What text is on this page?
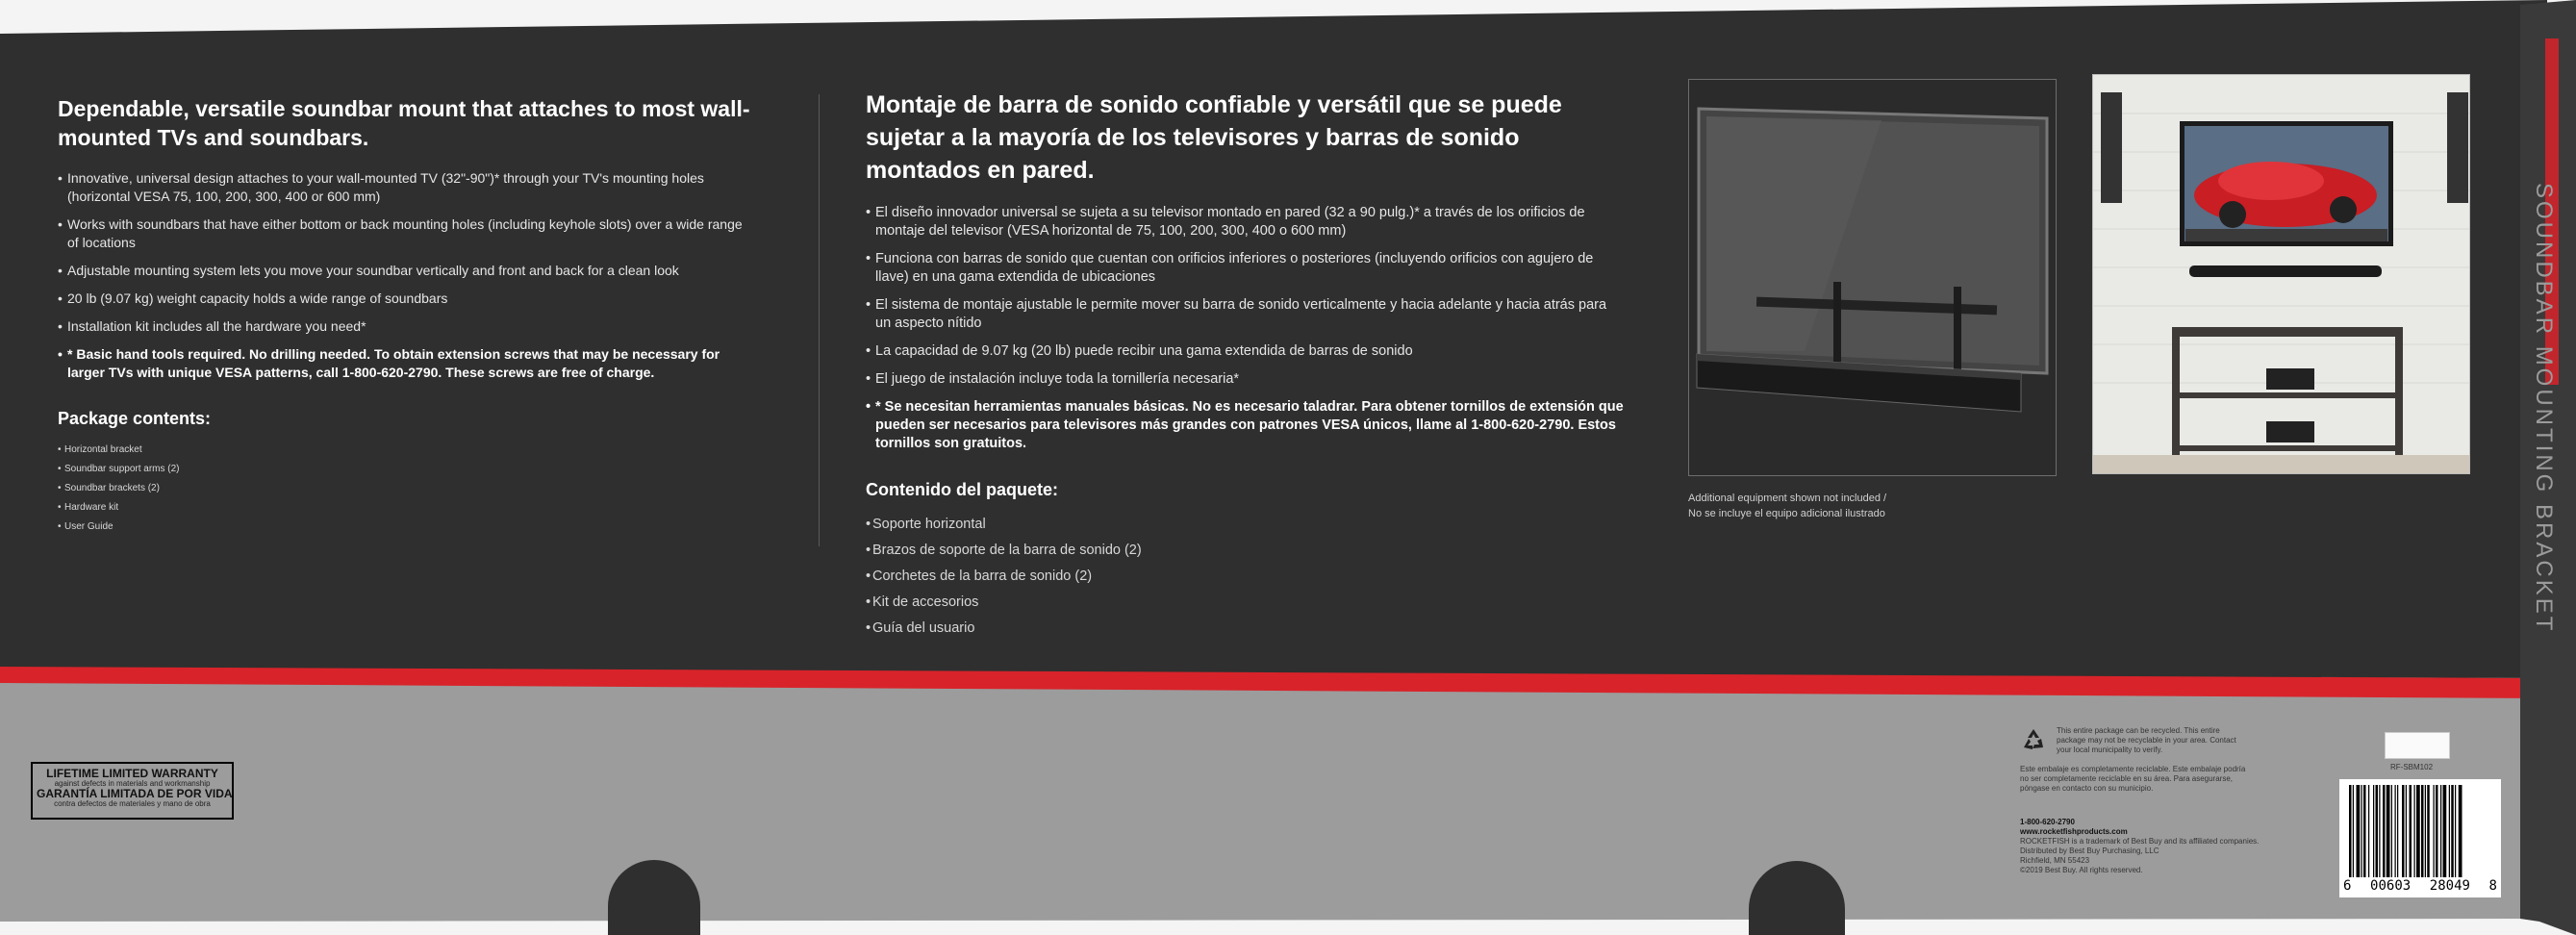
Dependable, versatile soundbar mount that attaches to most wall-mounted TVs and soundbars.
• Innovative, universal design attaches to your wall-mounted TV (32"-90")* through your TV's mounting holes (horizontal VESA 75, 100, 200, 300, 400 or 600 mm)
• Works with soundbars that have either bottom or back mounting holes (including keyhole slots) over a wide range of locations
• Adjustable mounting system lets you move your soundbar vertically and front and back for a clean look
• 20 lb (9.07 kg) weight capacity holds a wide range of soundbars
• Installation kit includes all the hardware you need*
• * Basic hand tools required. No drilling needed. To obtain extension screws that may be necessary for larger TVs with unique VESA patterns, call 1-800-620-2790. These screws are free of charge.
Package contents:
• Horizontal bracket
• Soundbar support arms (2)
• Soundbar brackets (2)
• Hardware kit
• User Guide
Montaje de barra de sonido confiable y versátil que se puede sujetar a la mayoría de los televisores y barras de sonido montados en pared.
• El diseño innovador universal se sujeta a su televisor montado en pared (32 a 90 pulg.)* a través de los orificios de montaje del televisor (VESA horizontal de 75, 100, 200, 300, 400 o 600 mm)
• Funciona con barras de sonido que cuentan con orificios inferiores o posteriores (incluyendo orificios con agujero de llave) en una gama extendida de ubicaciones
• El sistema de montaje ajustable le permite mover su barra de sonido verticalmente y hacia adelante y hacia atrás para un aspecto nítido
• La capacidad de 9.07 kg (20 lb) puede recibir una gama extendida de barras de sonido
• El juego de instalación incluye toda la tornillería necesaria*
• * Se necesitan herramientas manuales básicas. No es necesario taladrar. Para obtener tornillos de extensión que pueden ser necesarios para televisores más grandes con patrones VESA únicos, llame al 1-800-620-2790. Estos tornillos son gratuitos.
Contenido del paquete:
• Soporte horizontal
• Brazos de soporte de la barra de sonido (2)
• Corchetes de la barra de sonido (2)
• Kit de accesorios
• Guía del usuario
Additional equipment shown not included /
No se incluye el equipo adicional ilustrado	SOUNDBAR MOUNTING BRACKET
LIFETIME LIMITED WARRANTY
against defects in materials and workmanship
GARANTÍA LIMITADA DE POR VIDA
contra defectos de materiales y mano de obra
This entire package can be recycled. This entire package may not be recyclable in your area. Contact your local municipality to verify.
Este embalaje es completamente reciclable. Este embalaje podría no ser completamente reciclable en su área. Para asegurarse, póngase en contacto con su municipio.
1-800-620-2790
www.rocketfishproducts.com
ROCKETFISH is a trademark of Best Buy and its affiliated companies.
Distributed by Best Buy Purchasing, LLC
Richfield, MN 55423
©2019 Best Buy. All rights reserved.
RF-SBM102
6 00603 28049 8
